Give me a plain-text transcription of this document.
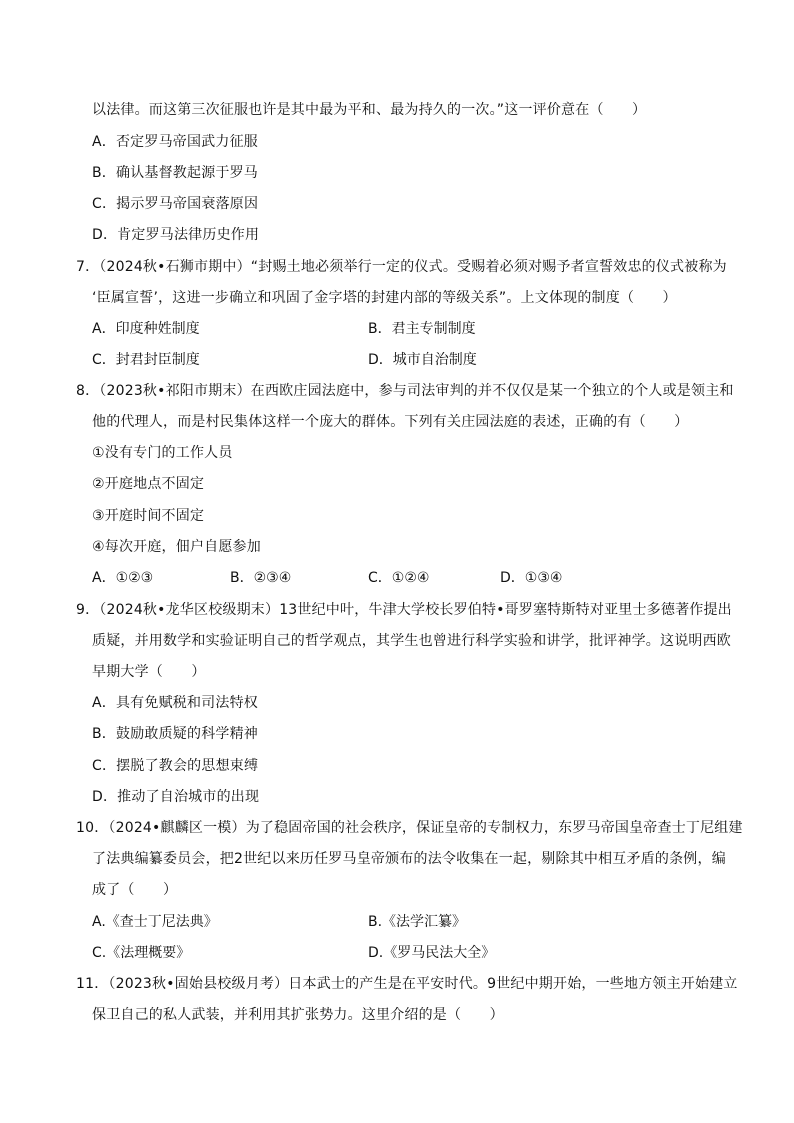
以法律。而这第三次征服也许是其中最为平和、最为持久的一次。”这一评价意在（　　）
A．否定罗马帝国武力征服
B．确认基督教起源于罗马
C．揭示罗马帝国衰落原因
D．肯定罗马法律历史作用
7．（2024秋•石狮市期中）“封赐土地必须举行一定的仪式。受赐着必须对赐予者宣誓效忠的仪式被称为
‘臣属宣誓’，这进一步确立和巩固了金字塔的封建内部的等级关系”。上文体现的制度（　　）
A．印度种姓制度	B．君主专制制度
C．封君封臣制度	D．城市自治制度
8．（2023秋•祁阳市期末）在西欧庄园法庭中，参与司法审判的并不仅仅是某一个独立的个人或是领主和
他的代理人，而是村民集体这样一个庞大的群体。下列有关庄园法庭的表述，正确的有（　　）
①没有专门的工作人员
②开庭地点不固定
③开庭时间不固定
④每次开庭，佃户自愿参加
A．①②③	B．②③④	C．①②④	D．①③④
9．（2024秋•龙华区校级期末）13世纪中叶，牛津大学校长罗伯特•哥罗塞特斯特对亚里士多德著作提出
质疑，并用数学和实验证明自己的哲学观点，其学生也曾进行科学实验和讲学，批评神学。这说明西欧
早期大学（　　）
A．具有免赋税和司法特权
B．鼓励敢质疑的科学精神
C．摆脱了教会的思想束缚
D．推动了自治城市的出现
10．（2024•麒麟区一模）为了稳固帝国的社会秩序，保证皇帝的专制权力，东罗马帝国皇帝查士丁尼组建
了法典编纂委员会，把2世纪以来历任罗马皇帝颁布的法令收集在一起，剔除其中相互矛盾的条例，编
成了（　　）
A.《查士丁尼法典》	B.《法学汇纂》
C.《法理概要》	D.《罗马民法大全》
11．（2023秋•固始县校级月考）日本武士的产生是在平安时代。9世纪中期开始，一些地方领主开始建立
保卫自己的私人武装，并利用其扩张势力。这里介绍的是（　　）
